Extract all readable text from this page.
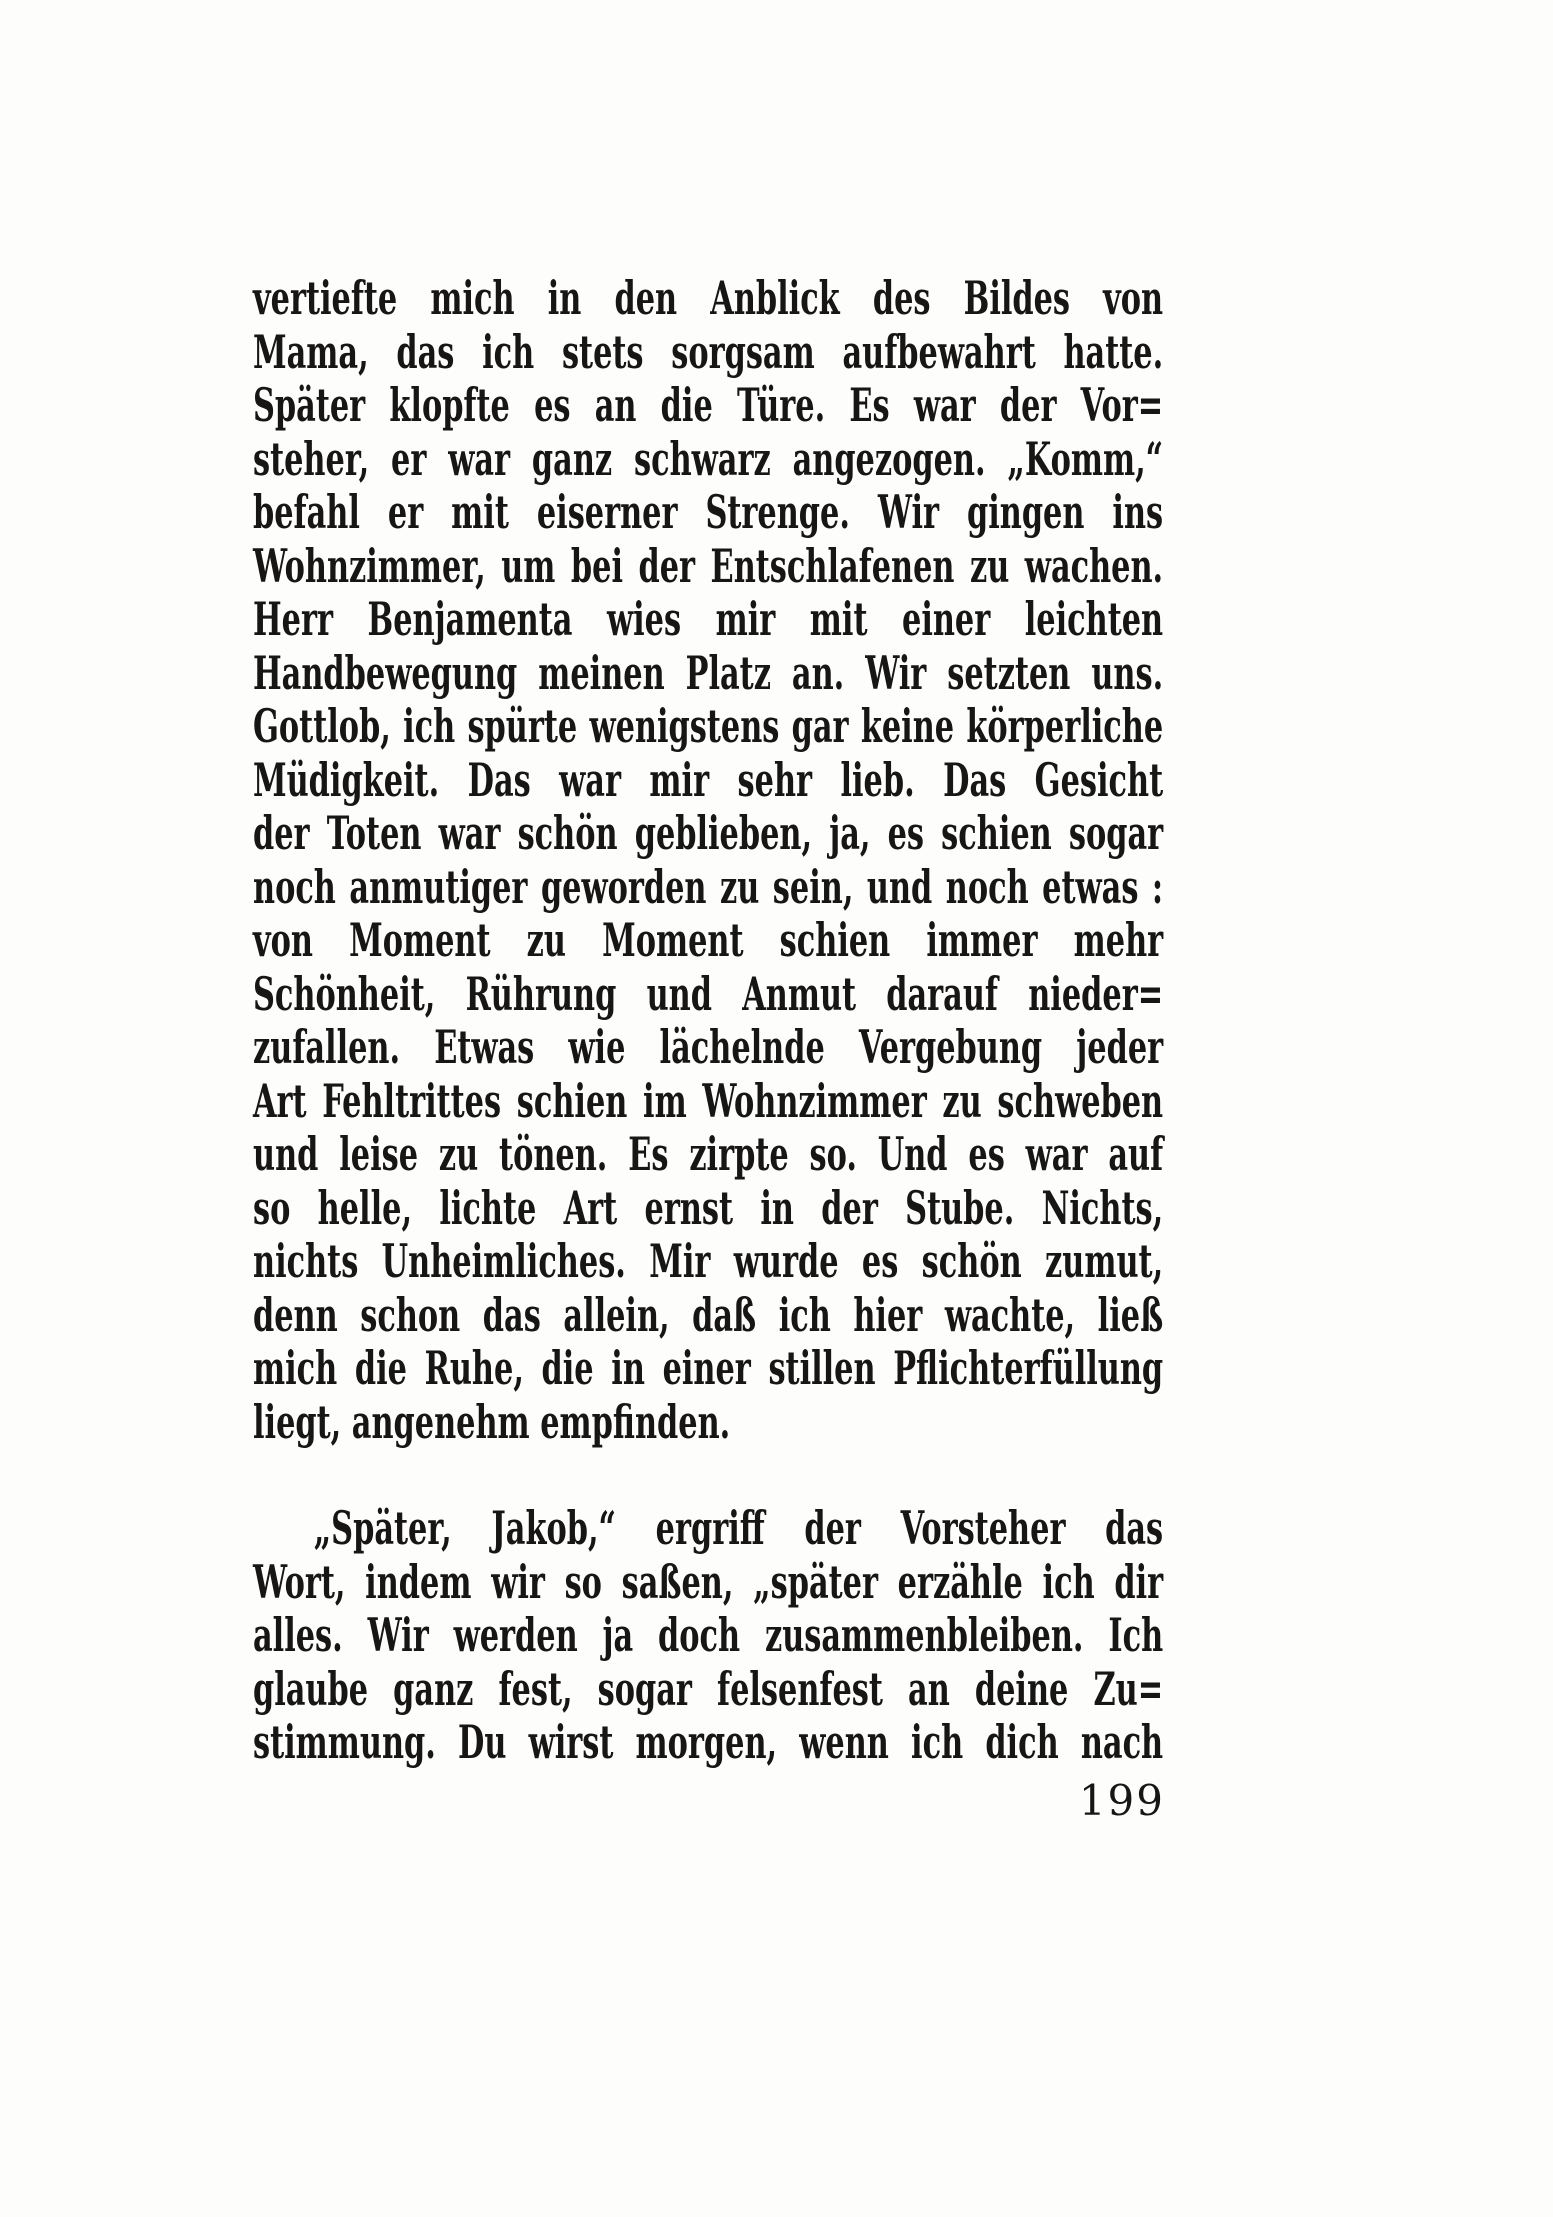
vertiefte mich in den Anblick des Bildes von
Mama, das ich stets sorgsam aufbewahrt hatte.
Später klopfte es an die Türe. Es war der Vor=
steher, er war ganz schwarz angezogen. „Komm,“
befahl er mit eiserner Strenge. Wir gingen ins
Wohnzimmer, um bei der Entschlafenen zu wachen.
Herr Benjamenta wies mir mit einer leichten
Handbewegung meinen Platz an. Wir setzten uns.
Gottlob, ich spürte wenigstens gar keine körperliche
Müdigkeit. Das war mir sehr lieb. Das Gesicht
der Toten war schön geblieben, ja, es schien sogar
noch anmutiger geworden zu sein, und noch etwas :
von Moment zu Moment schien immer mehr
Schönheit, Rührung und Anmut darauf nieder=
zufallen. Etwas wie lächelnde Vergebung jeder
Art Fehltrittes schien im Wohnzimmer zu schweben
und leise zu tönen. Es zirpte so. Und es war auf
so helle, lichte Art ernst in der Stube. Nichts,
nichts Unheimliches. Mir wurde es schön zumut,
denn schon das allein, daß ich hier wachte, ließ
mich die Ruhe, die in einer stillen Pflichterfüllung
liegt, angenehm empfinden.
„Später, Jakob,“ ergriff der Vorsteher das
Wort, indem wir so saßen, „später erzähle ich dir
alles. Wir werden ja doch zusammenbleiben. Ich
glaube ganz fest, sogar felsenfest an deine Zu=
stimmung. Du wirst morgen, wenn ich dich nach
199
